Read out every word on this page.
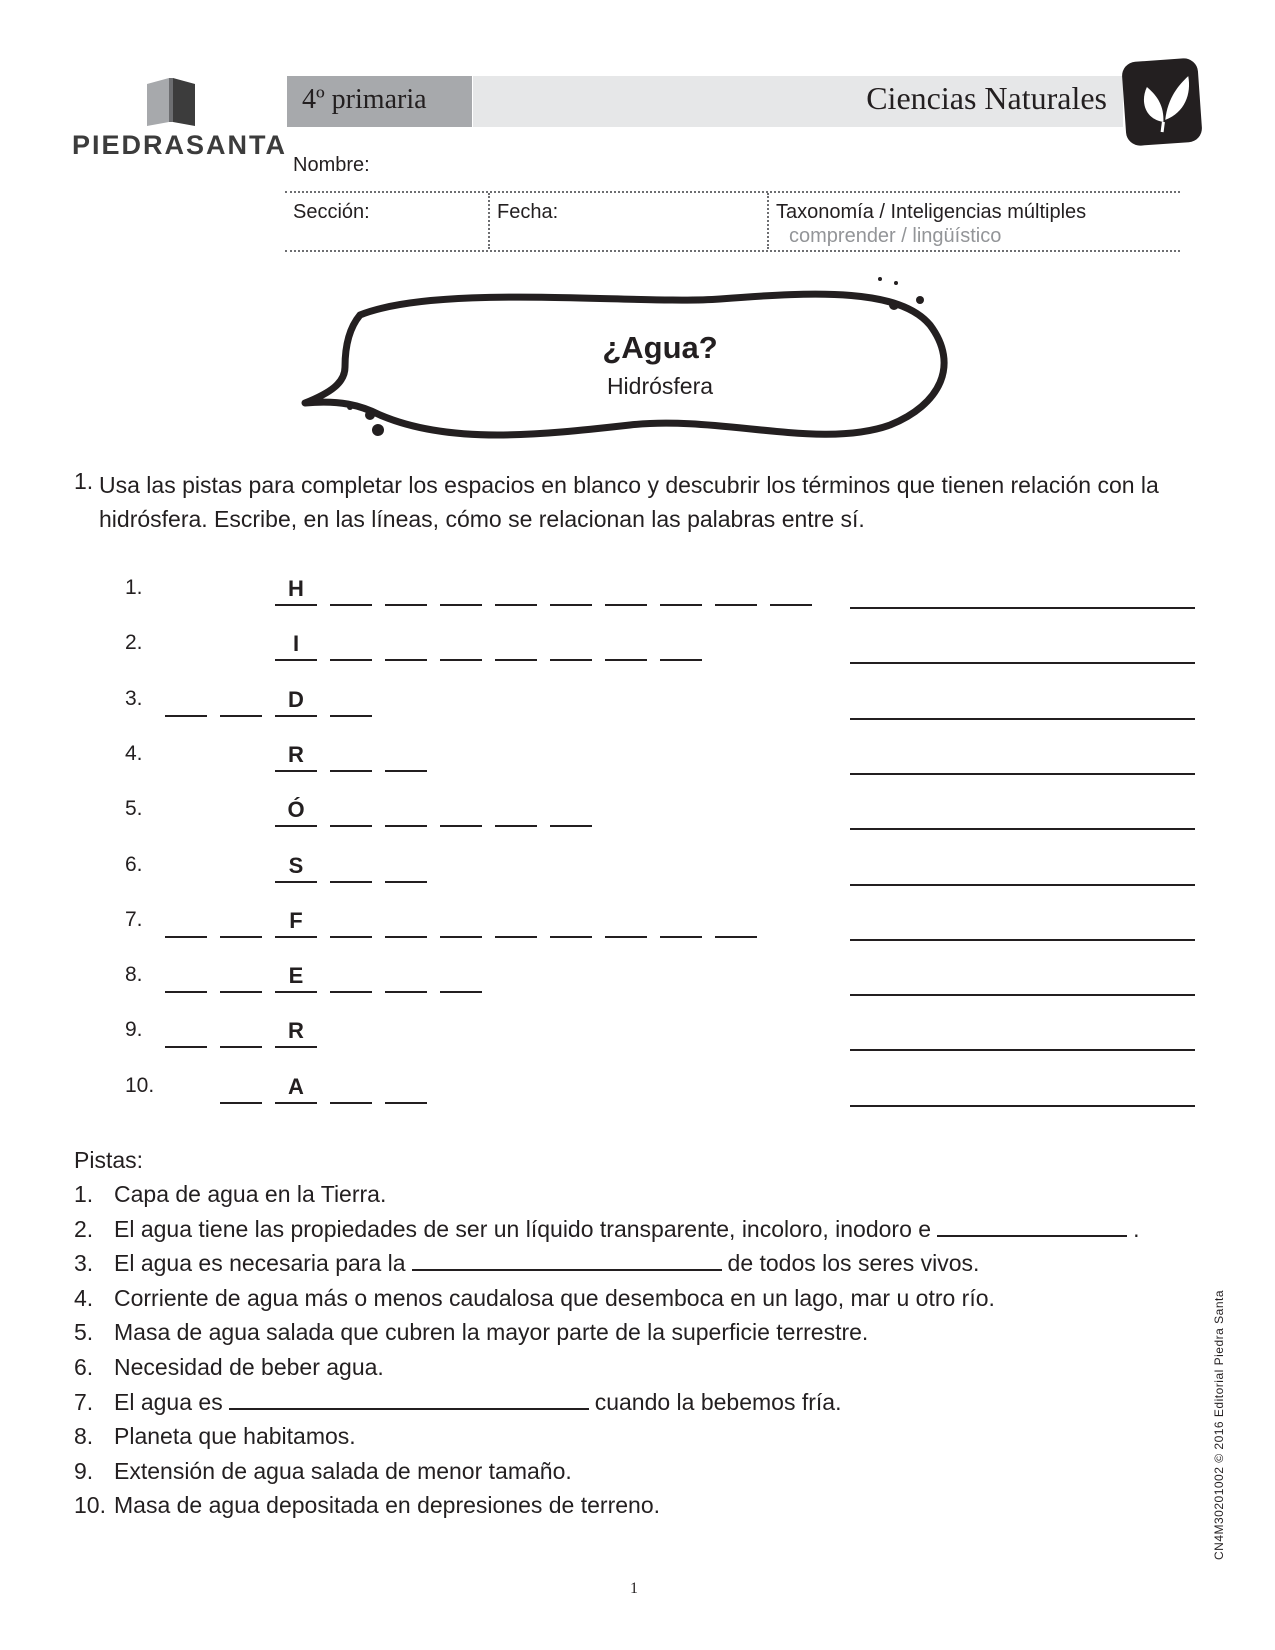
PIEDRASANTA
4º primaria	Ciencias Naturales
Nombre:
Sección:	Fecha:	Taxonomía / Inteligencias múltiples
comprender / lingüístico
¿Agua?
Hidrósfera
1. Usa las pistas para completar los espacios en blanco y descubrir los términos que tienen relación con la hidrósfera. Escribe, en las líneas, cómo se relacionan las palabras entre sí.
1.	H
2.	I
3.	D
4.	R
5.	Ó
6.	S
7.	F
8.	E
9.	R
10.	A
Pistas:
1. Capa de agua en la Tierra.
2. El agua tiene las propiedades de ser un líquido transparente, incoloro, inodoro e	.
3. El agua es necesaria para la	de todos los seres vivos.
4. Corriente de agua más o menos caudalosa que desemboca en un lago, mar u otro río.
5. Masa de agua salada que cubren la mayor parte de la superficie terrestre.
6. Necesidad de beber agua.
7. El agua es	cuando la bebemos fría.
8. Planeta que habitamos.
9. Extensión de agua salada de menor tamaño.
10. Masa de agua depositada en depresiones de terreno.
1
CN4M30201002 © 2016 Editorial Piedra Santa
